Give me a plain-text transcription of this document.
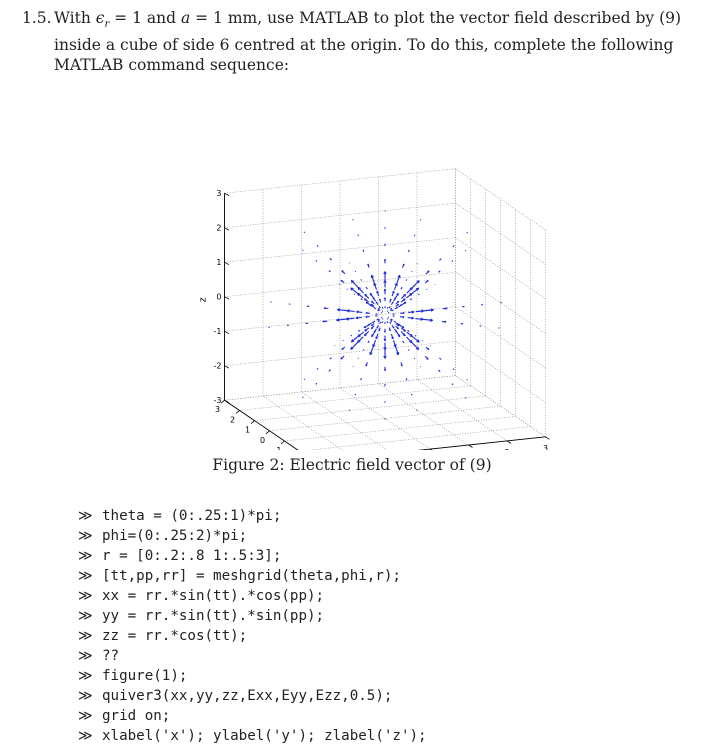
1.5. With $\epsilon_r = 1$ and a = 1 mm, use MATLAB to plot the vector field described by (9) inside a cube of side 6 centred at the origin. To do this, complete the following MATLAB command sequence:
-3
-2
-1
0
0
1
1
2
2
3
3
3
z
Figure 2: Electric field vector of (9)
≫ theta = (0:.25:1)*pi;
≫ phi=(0:.25:2)*pi;
≫ r = [0:.2:.8 1:.5:3];
≫ [tt,pp,rr] = meshgrid(theta,phi,r);
≫ xx = rr.*sin(tt).*cos(pp);
≫ yy = rr.*sin(tt).*sin(pp);
≫ zz = rr.*cos(tt);
≫ ??
≫ figure(1);
≫ quiver3(xx,yy,zz,Exx,Eyy,Ezz,0.5);
≫ grid on;
≫ xlabel('x'); ylabel('y'); zlabel('z');
